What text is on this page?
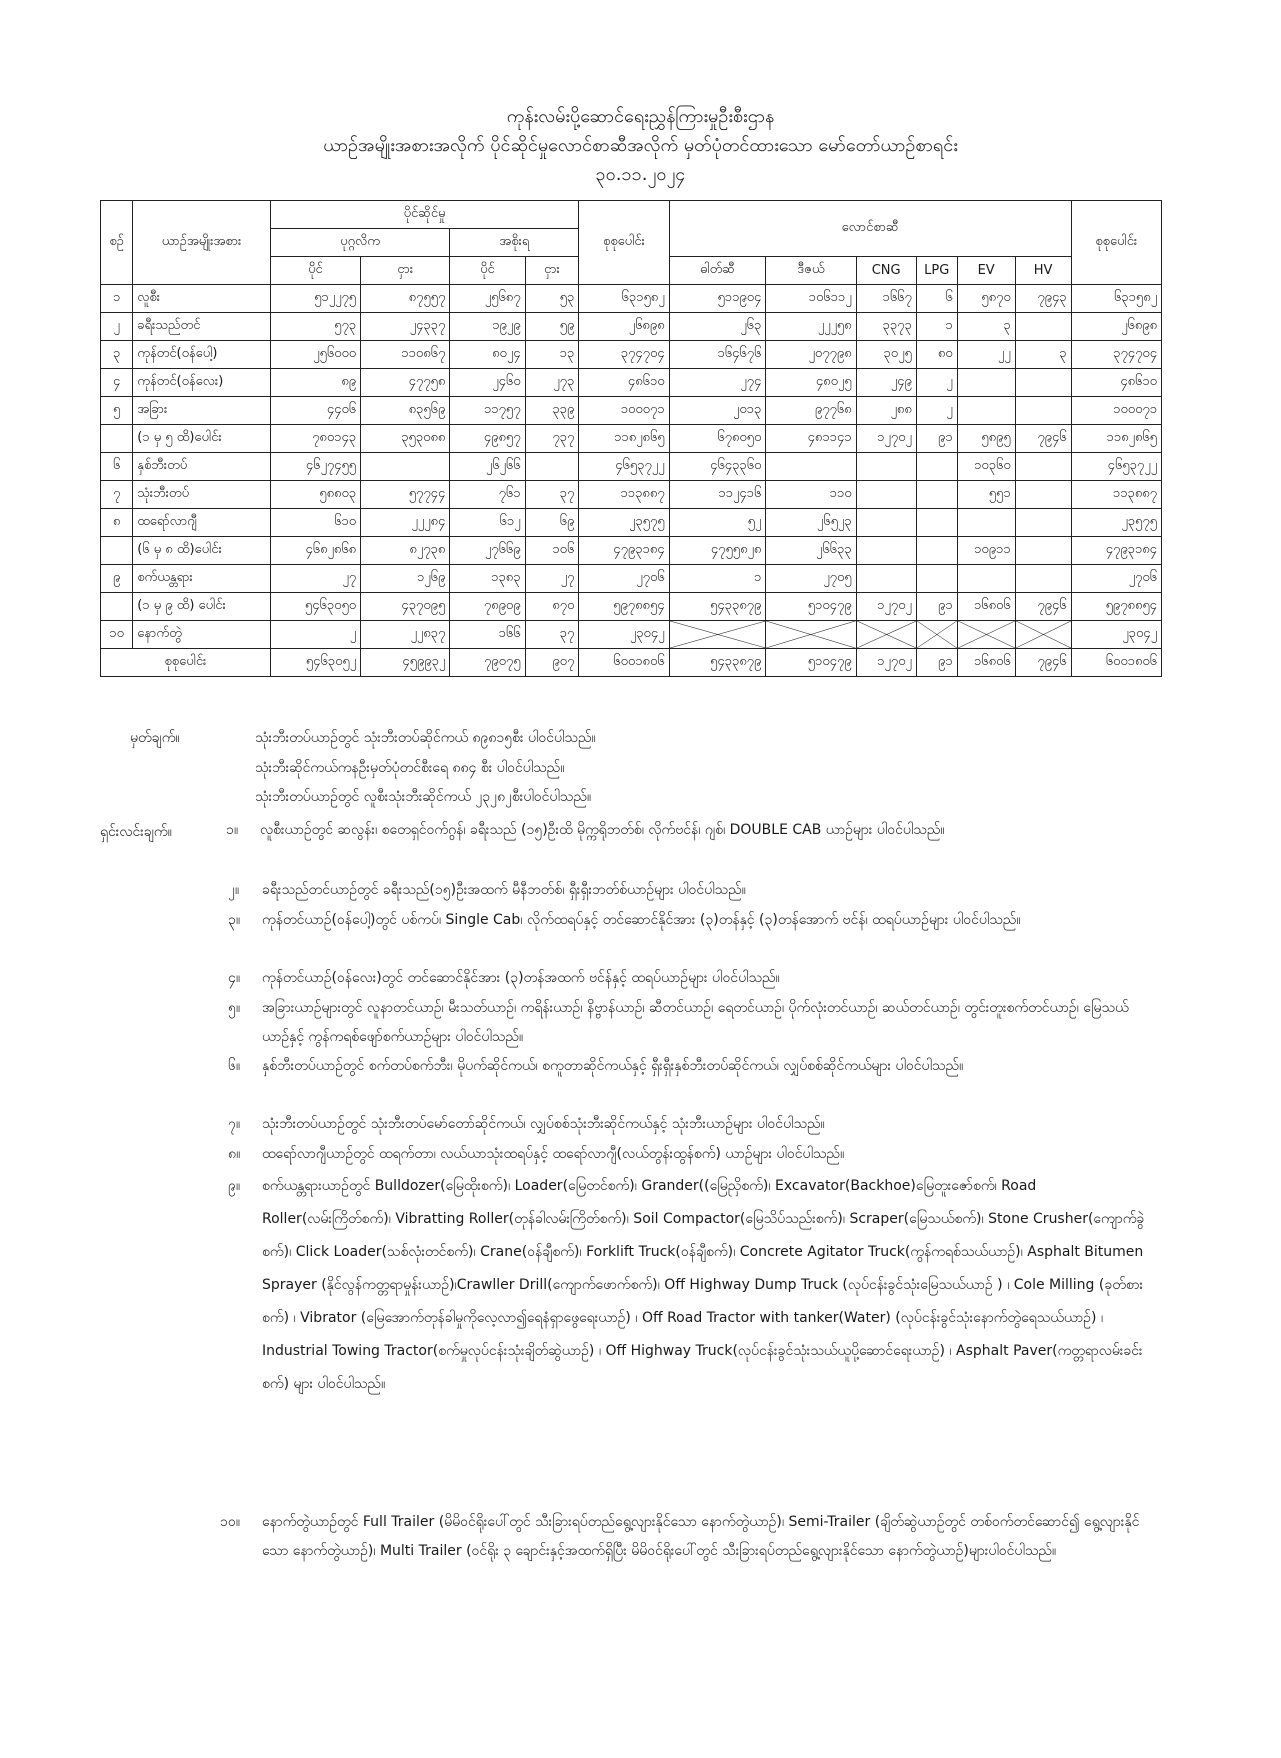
ကုန်းလမ်းပို့ဆောင်ရေးညွှန်ကြားမှုဦးစီးဌာန
ယာဉ်အမျိုးအစားအလိုက် ပိုင်ဆိုင်မှုလောင်စာဆီအလိုက် မှတ်ပုံတင်ထားသော မော်တော်ယာဉ်စာရင်း
၃၀.၁၁.၂၀၂၄
စဉ်	ယာဉ်အမျိုးအစား	ပိုင်ဆိုင်မှု				စုစုပေါင်း	လောင်စာဆီ						စုစုပေါင်း
		ပုဂ္ဂလိက		အစိုးရ									
		ပိုင်	ငှား	ပိုင်	ငှား		ဓါတ်ဆီ	ဒီဇယ်	CNG	LPG	EV	HV	
၁	လူစီး	၅၁၂၂၇၅	၈၇၅၅၇	၂၅၆၈၇	၅၃	၆၃၁၅၈၂	၅၁၁၉၀၄	၁၀၆၁၁၂	၁၆၆၇	၆	၅၈၇၀	၇၉၄၃	၆၃၁၅၈၂
၂	ခရီးသည်တင်	၅၇၃	၂၄၃၃၇	၁၉၂၉	၅၉	၂၆၈၉၈	၂၆၃	၂၂၂၅၈	၃၃၇၃	၁	၃		၂၆၈၉၈
၃	ကုန်တင်(ဝန်ပေါ့)	၂၅၆၀၀၀	၁၁၀၈၆၇	၈၀၂၄	၁၃	၃၇၄၇၀၄	၁၆၄၆၇၆	၂၀၇၇၉၈	၃၀၂၅	၈၀	၂၂	၃	၃၇၄၇၀၄
၄	ကုန်တင်(ဝန်လေး)	၈၉	၄၇၇၅၈	၂၄၆၀	၂၇၃	၄၈၆၁၀	၂၇၄	၄၈၀၂၅	၂၄၉	၂			၄၈၆၁၀
၅	အခြား	၄၄၀၆	၈၃၅၆၉	၁၁၇၅၇	၃၃၉	၁၀၀၀၇၁	၂၀၁၃	၉၇၇၆၈	၂၈၈	၂			၁၀၀၀၇၁
	(၁ မှ ၅ ထိ)ပေါင်း	၇၈၀၁၄၃	၃၅၃၀၈၈	၄၉၈၅၇	၇၃၇	၁၁၈၂၈၆၅	၆၇၈၀၅၀	၄၈၁၁၄၁	၁၂၇၀၂	၉၁	၅၈၉၅	၇၉၄၆	၁၁၈၂၈၆၅
၆	နှစ်ဘီးတပ်	၄၆၂၇၄၅၅		၂၆၂၆၆		၄၆၅၃၇၂၂	၄၆၄၃၃၆၀				၁၀၃၆၀		၄၆၅၃၇၂၂
၇	သုံးဘီးတပ်	၅၈၈၀၃	၅၇၇၄၄	၇၆၁	၃၇	၁၁၃၈၈၇	၁၁၂၄၁၆	၁၁၀			၅၅၁		၁၁၃၈၈၇
၈	ထရော်လာဂျီ	၆၁၀	၂၂၂၈၄	၆၁၂	၆၉	၂၃၅၇၅	၅၂	၂၆၅၂၃					၂၃၅၇၅
	(၆ မှ ၈ ထိ)ပေါင်း	၄၆၈၂၈၆၈	၈၂၇၃၈	၂၇၆၆၉	၁၀၆	၄၇၉၃၁၈၄	၄၇၅၅၈၂၈	၂၆၆၃၃			၁၀၉၁၁		၄၇၉၃၁၈၄
၉	စက်ယန္တရား	၂၇	၁၂၆၉	၁၃၈၃	၂၇	၂၇၀၆	၁	၂၇၀၅					၂၇၀၆
	(၁ မှ ၉ ထိ) ပေါင်း	၅၄၆၃၀၅၀	၄၃၇၀၉၅	၇၈၉၀၉	၈၇၀	၅၉၇၈၈၅၄	၅၄၃၃၈၇၉	၅၁၀၄၇၉	၁၂၇၀၂	၉၁	၁၆၈၀၆	၇၉၄၆	၅၉၇၈၈၅၄
၁၀	နောက်တွဲ	၂	၂၂၈၃၇	၁၆၆	၃၇	၂၃၀၄၂							၂၃၀၄၂
စုစုပေါင်း		၅၄၆၃၀၅၂	၄၅၉၉၃၂	၇၉၀၇၅	၉၀၇	၆၀၀၁၈၀၆	၅၄၃၃၈၇၉	၅၁၀၄၇၉	၁၂၇၀၂	၉၁	၁၆၈၀၆	၇၉၄၆	၆၀၀၁၈၀၆
မှတ်ချက်။	သုံးဘီးတပ်ယာဉ်တွင် သုံးဘီးတပ်ဆိုင်ကယ် ၈၉၈၁၅စီး ပါဝင်ပါသည်။
သုံးဘီးဆိုင်ကယ်ကနဦးမှတ်ပုံတင်စီးရေ ၈၈၄ စီး ပါဝင်ပါသည်။
သုံးဘီးတပ်ယာဉ်တွင် လူစီးသုံးဘီးဆိုင်ကယ် ၂၃၂၈၂စီးပါဝင်ပါသည်။
ရှင်းလင်းချက်။	၁။ လူစီးယာဉ်တွင် ဆလွန်း၊ စတေရှင်ဝက်ဂွန်၊ ခရီးသည် (၁၅)ဦးထိ မိုက္ကရိုဘတ်စ်၊ လိုက်ဗင်န်၊ ဂျစ်၊ DOUBLE CAB ယာဉ်များ ပါဝင်ပါသည်။
၂။ ခရီးသည်တင်ယာဉ်တွင် ခရီးသည်(၁၅)ဦးအထက် မီနီဘတ်စ်၊ ရှီးရှီးဘတ်စ်ယာဉ်များ ပါဝင်ပါသည်။
၃။ ကုန်တင်ယာဉ်(ဝန်ပေါ့)တွင် ပစ်ကပ်၊ Single Cab၊ လိုက်ထရပ်နှင့် တင်ဆောင်နိုင်အား (၃)တန်နှင့် (၃)တန်အောက် ဗင်န်၊ ထရပ်ယာဉ်များ ပါဝင်ပါသည်။
၄။ ကုန်တင်ယာဉ်(ဝန်လေး)တွင် တင်ဆောင်နိုင်အား (၃)တန်အထက် ဗင်န်နှင့် ထရပ်ယာဉ်များ ပါဝင်ပါသည်။
၅။ အခြားယာဉ်များတွင် လူနာတင်ယာဉ်၊ မီးသတ်ယာဉ်၊ ကရိန်းယာဉ်၊ နိဗ္ဗာန်ယာဉ်၊ ဆီတင်ယာဉ်၊ ရေတင်ယာဉ်၊ ပိုက်လုံးတင်ယာဉ်၊ ဆယ်တင်ယာဉ်၊ တွင်းတူးစက်တင်ယာဉ်၊ မြေသယ်ယာဉ်နှင့် ကွန်ကရစ်ဖျော်စက်ယာဉ်များ ပါဝင်ပါသည်။
၆။ နှစ်ဘီးတပ်ယာဉ်တွင် စက်တပ်စက်ဘီး၊ မိုပက်ဆိုင်ကယ်၊ စကူတာဆိုင်ကယ်နှင့် ရှီးရှီးနှစ်ဘီးတပ်ဆိုင်ကယ်၊ လျှပ်စစ်ဆိုင်ကယ်များ ပါဝင်ပါသည်။
၇။ သုံးဘီးတပ်ယာဉ်တွင် သုံးဘီးတပ်မော်တော်ဆိုင်ကယ်၊ လျှပ်စစ်သုံးဘီးဆိုင်ကယ်နှင့် သုံးဘီးယာဉ်များ ပါဝင်ပါသည်။
၈။ ထရော်လာဂျီယာဉ်တွင် ထရက်တာ၊ လယ်ယာသုံးထရပ်နှင့် ထရော်လာဂျီ(လယ်တွန်းထွန်စက်) ယာဉ်များ ပါဝင်ပါသည်။
၉။ စက်ယန္တရားယာဉ်တွင် Bulldozer(မြေထိုးစက်)၊ Loader(မြေတင်စက်)၊ Grander((မြေညှိစက်)၊ Excavator(Backhoe)မြေတူးဇော်စက်၊ Road Roller(လမ်းကြိတ်စက်)၊ Vibratting Roller(တုန်ခါလမ်းကြိတ်စက်)၊ Soil Compactor(မြေသိပ်သည်းစက်)၊ Scraper(မြေသယ်စက်)၊ Stone Crusher(ကျောက်ခွဲစက်)၊ Click Loader(သစ်လုံးတင်စက်)၊ Crane(ဝန်ချီစက်)၊ Forklift Truck(ဝန်ချီစက်)၊ Concrete Agitator Truck(ကွန်ကရစ်သယ်ယာဉ်)၊ Asphalt Bitumen Sprayer (နိုင်လွန်ကတ္တရာမှုန်းယာဉ်)၊Crawller Drill(ကျောက်ဖောက်စက်)၊ Off Highway Dump Truck (လုပ်ငန်းခွင်သုံးမြေသယ်ယာဉ် ) ၊ Cole Milling (ခုတ်စားစက်) ၊ Vibrator (မြေအောက်တုန်ခါမှုကိုလေ့လာ၍ရေနံရှာဖွေရေးယာဉ်) ၊ Off Road Tractor with tanker(Water) (လုပ်ငန်းခွင်သုံးနောက်တွဲရေသယ်ယာဉ်) ၊ Industrial Towing Tractor(စက်မှုလုပ်ငန်းသုံးချိတ်ဆွဲယာဉ်) ၊ Off Highway Truck(လုပ်ငန်းခွင်သုံးသယ်ယူပို့ဆောင်ရေးယာဉ်) ၊ Asphalt Paver(ကတ္တရာလမ်းခင်းစက်) များ ပါဝင်ပါသည်။
၁၀။ နောက်တွဲယာဉ်တွင် Full Trailer (မိမိဝင်ရိုးပေါ်တွင် သီးခြားရပ်တည်ရွေ့လျားနိုင်သော နောက်တွဲယာဉ်)၊ Semi-Trailer (ချိတ်ဆွဲယာဉ်တွင် တစ်ဝက်တင်ဆောင်၍ ရွေ့လျားနိုင်သော နောက်တွဲယာဉ်)၊ Multi Trailer (ဝင်ရိုး ၃ ချောင်းနှင့်အထက်ရှိပြီး မိမိဝင်ရိုးပေါ်တွင် သီးခြားရပ်တည်ရွေ့လျားနိုင်သော နောက်တွဲယာဉ်)များပါဝင်ပါသည်။
